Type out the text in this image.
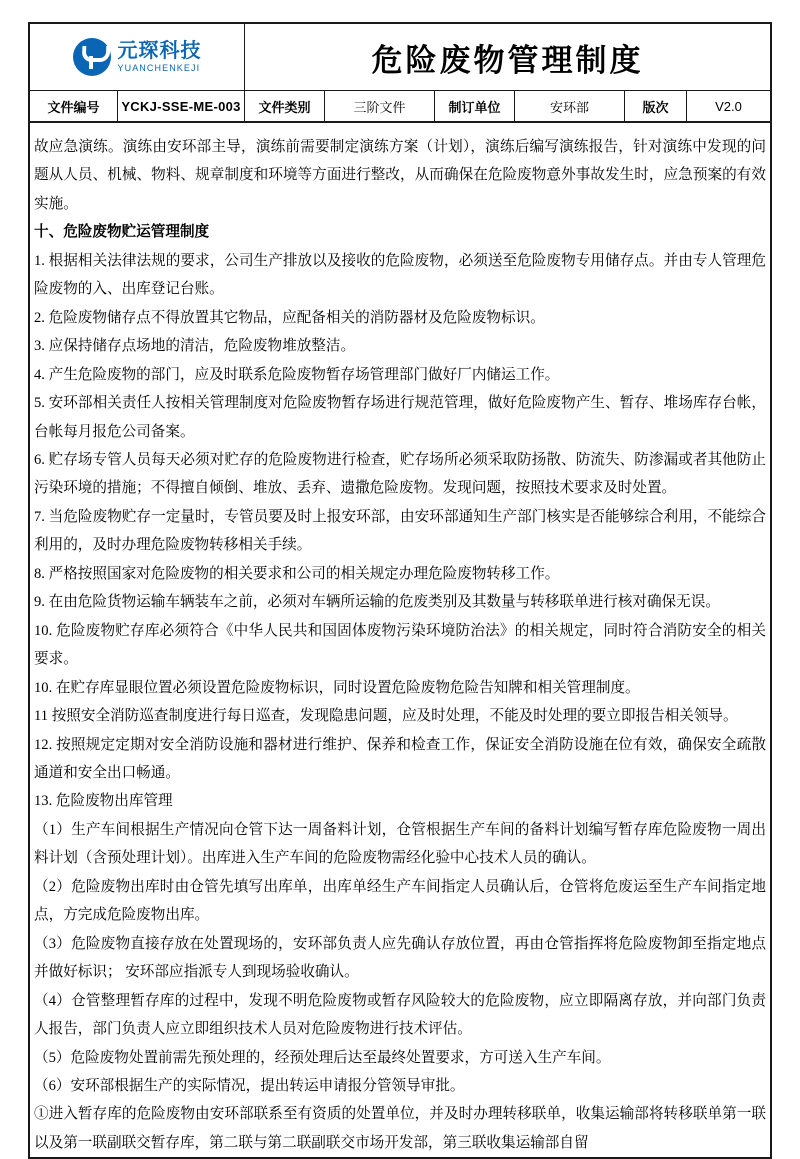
元琛科技
YUANCHENKEJI	危险废物管理制度
文件编号	YCKJ-SSE-ME-003	文件类别	三阶文件	制订单位	安环部	版次	V2.0

故应急演练。演练由安环部主导，演练前需要制定演练方案（计划），演练后编写演练报告，针对演练中发现的问题从人员、机械、物料、规章制度和环境等方面进行整改，从而确保在危险废物意外事故发生时，应急预案的有效实施。

十、危险废物贮运管理制度

1. 根据相关法律法规的要求，公司生产排放以及接收的危险废物，必须送至危险废物专用储存点。并由专人管理危险废物的入、出库登记台账。

2. 危险废物储存点不得放置其它物品，应配备相关的消防器材及危险废物标识。

3. 应保持储存点场地的清洁，危险废物堆放整洁。

4. 产生危险废物的部门，应及时联系危险废物暂存场管理部门做好厂内储运工作。

5. 安环部相关责任人按相关管理制度对危险废物暂存场进行规范管理，做好危险废物产生、暂存、堆场库存台帐，台帐每月报危公司备案。

6. 贮存场专管人员每天必须对贮存的危险废物进行检查，贮存场所必须采取防扬散、防流失、防渗漏或者其他防止污染环境的措施；不得擅自倾倒、堆放、丢弃、遗撒危险废物。发现问题，按照技术要求及时处置。

7. 当危险废物贮存一定量时，专管员要及时上报安环部，由安环部通知生产部门核实是否能够综合利用，不能综合利用的，及时办理危险废物转移相关手续。

8. 严格按照国家对危险废物的相关要求和公司的相关规定办理危险废物转移工作。

9. 在由危险货物运输车辆装车之前，必须对车辆所运输的危废类别及其数量与转移联单进行核对确保无误。

10. 危险废物贮存库必须符合《中华人民共和国固体废物污染环境防治法》的相关规定，同时符合消防安全的相关要求。

10. 在贮存库显眼位置必须设置危险废物标识，同时设置危险废物危险告知牌和相关管理制度。

11 按照安全消防巡查制度进行每日巡查，发现隐患问题，应及时处理，不能及时处理的要立即报告相关领导。

12. 按照规定定期对安全消防设施和器材进行维护、保养和检查工作，保证安全消防设施在位有效，确保安全疏散通道和安全出口畅通。

13. 危险废物出库管理

（1）生产车间根据生产情况向仓管下达一周备料计划，仓管根据生产车间的备料计划编写暂存库危险废物一周出料计划（含预处理计划）。出库进入生产车间的危险废物需经化验中心技术人员的确认。

（2）危险废物出库时由仓管先填写出库单，出库单经生产车间指定人员确认后，仓管将危废运至生产车间指定地点，方完成危险废物出库。

（3）危险废物直接存放在处置现场的，安环部负责人应先确认存放位置，再由仓管指挥将危险废物卸至指定地点并做好标识； 安环部应指派专人到现场验收确认。

（4）仓管整理暂存库的过程中，发现不明危险废物或暂存风险较大的危险废物，应立即隔离存放，并向部门负责人报告，部门负责人应立即组织技术人员对危险废物进行技术评估。

（5）危险废物处置前需先预处理的，经预处理后达至最终处置要求，方可送入生产车间。

（6）安环部根据生产的实际情况，提出转运申请报分管领导审批。

①进入暂存库的危险废物由安环部联系至有资质的处置单位，并及时办理转移联单，收集运输部将转移联单第一联以及第一联副联交暂存库，第二联与第二联副联交市场开发部，第三联收集运输部自留
